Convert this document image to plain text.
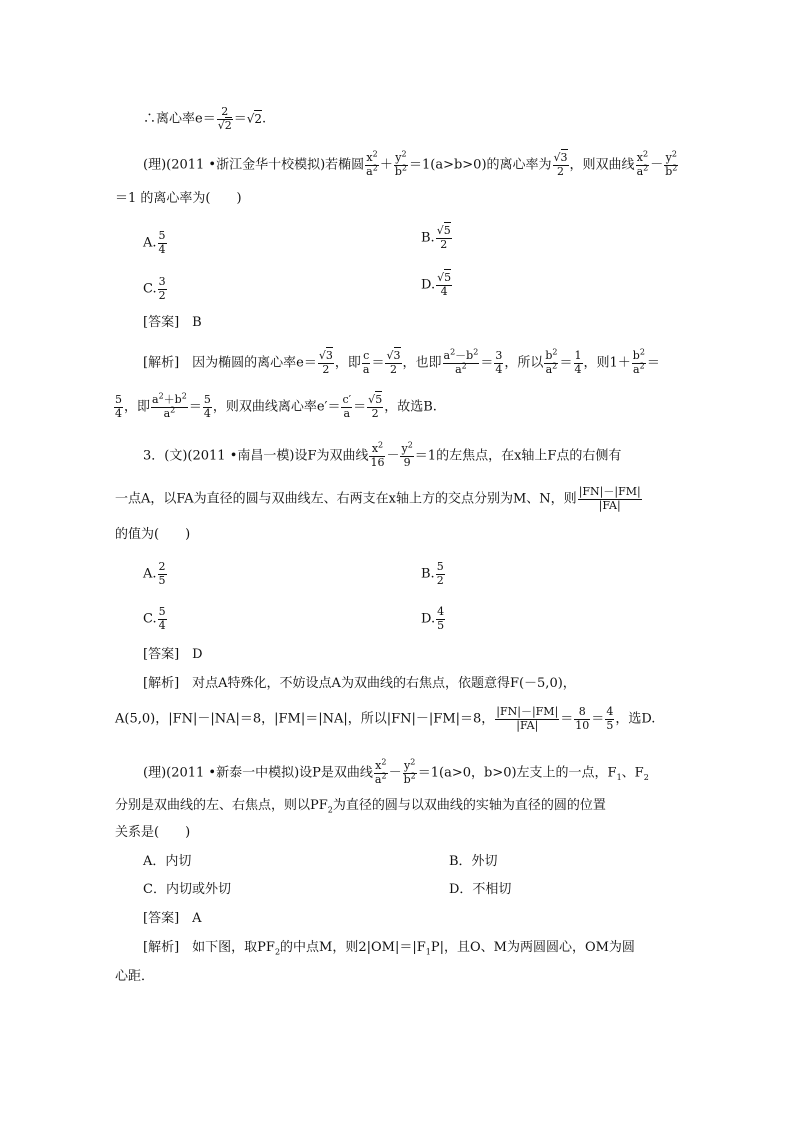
∴离心率$e= \frac{2}{√2} =√2$.
(理)(2011 •浙江金华十校模拟)若椭圆 $\frac{x^2}{a^2} + \frac{y^2}{b^2} =1(a>b>0)$的离心率为 $\frac{√3}{2}$ ，则双曲线 $\frac{x^2}{a^2} - \frac{y^2}{b^2}$
＝1 的离心率为(　　)
A. $\frac{5}{4}$	B. $\frac{√5}{2}$
C. $\frac{3}{2}$	D. $\frac{√5}{4}$
[答案]　 B
[解析]　 因为椭圆的离心率$e= \frac{√3}{2}$ ，即 $\frac{c}{a} = \frac{√3}{2}$ ，也即 $\frac{a^2-b^2}{a^2} = \frac{3}{4}$ ，所以 $\frac{b^2}{a^2} = \frac{1}{4}$ ，则$1+ \frac{b^2}{a^2}$ ＝
$\frac{5}{4}$ ，即 $\frac{a^2+b^2}{a^2} = \frac{5}{4}$ ，则双曲线离心率$e'= \frac{c'}{a} = \frac{√5}{2}$ ，故选B.
3．(文)(2011 •南昌一模)设F为双曲线 $\frac{x^2}{16} - \frac{y^2}{9} =1$的左焦点，在x轴上F点的右侧有
一点A，以FA为直径的圆与双曲线左、右两支在x轴上方的交点分别为M、N，则 $\frac{|FN|-|FM|}{|FA|}$
的值为(　　)
A. $\frac{2}{5}$	B. $\frac{5}{2}$
C. $\frac{5}{4}$	D. $\frac{4}{5}$
[答案]　 D
[解析]　 对点A特殊化，不妨设点A为双曲线的右焦点，依题意得F(－5,0)，
A(5,0)，|FN|－|NA|＝8，|FM|＝|NA|，所以|FN|－|FM|＝8， $\frac{|FN|-|FM|}{|FA|} = \frac{8}{10} = \frac{4}{5}$ ，选D.
(理)(2011 •新泰一中模拟)设P是双曲线 $\frac{x^2}{a^2} - \frac{y^2}{b^2} =1(a>0$，b>0)左支上的一点，$F_1$、$F_2$
分别是双曲线的左、右焦点，则以$PF_2$为直径的圆与以双曲线的实轴为直径的圆的位置
关系是(　　)
A．内切	B．外切
C．内切或外切	D．不相切
[答案]　 A
[解析]　 如下图，取$PF_2$的中点M，则$2|OM|=|F_1P|$，且O、M为两圆圆心，OM为圆
心距．
